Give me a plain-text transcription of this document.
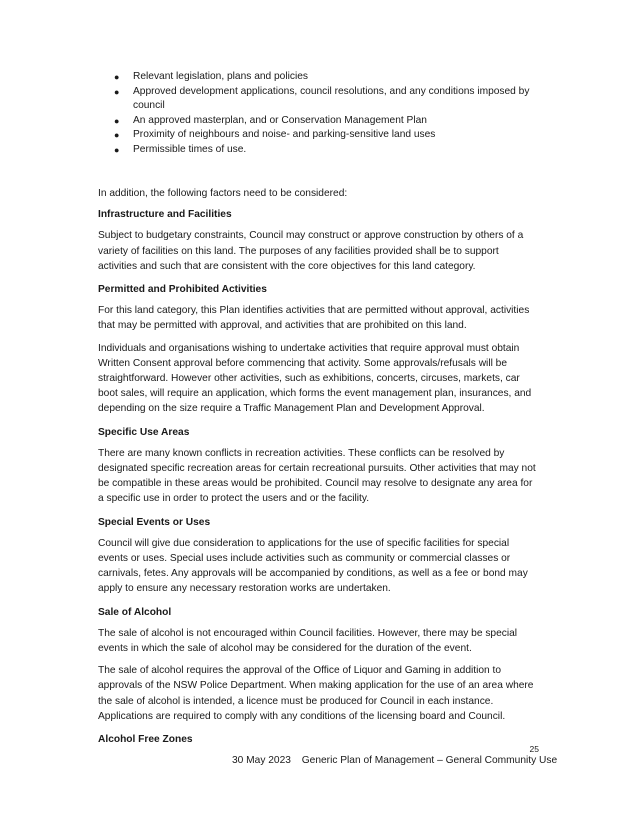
● Relevant legislation, plans and policies
● Approved development applications, council resolutions, and any conditions imposed by council
● An approved masterplan, and or Conservation Management Plan
● Proximity of neighbours and noise- and parking-sensitive land uses
● Permissible times of use.

In addition, the following factors need to be considered:

Infrastructure and Facilities

Subject to budgetary constraints, Council may construct or approve construction by others of a variety of facilities on this land. The purposes of any facilities provided shall be to support activities and such that are consistent with the core objectives for this land category.

Permitted and Prohibited Activities

For this land category, this Plan identifies activities that are permitted without approval, activities that may be permitted with approval, and activities that are prohibited on this land.

Individuals and organisations wishing to undertake activities that require approval must obtain Written Consent approval before commencing that activity. Some approvals/refusals will be straightforward. However other activities, such as exhibitions, concerts, circuses, markets, car boot sales, will require an application, which forms the event management plan, insurances, and depending on the size require a Traffic Management Plan and Development Approval.

Specific Use Areas

There are many known conflicts in recreation activities. These conflicts can be resolved by designated specific recreation areas for certain recreational pursuits. Other activities that may not be compatible in these areas would be prohibited. Council may resolve to designate any area for a specific use in order to protect the users and or the facility.

Special Events or Uses

Council will give due consideration to applications for the use of specific facilities for special events or uses. Special uses include activities such as community or commercial classes or carnivals, fetes. Any approvals will be accompanied by conditions, as well as a fee or bond may apply to ensure any necessary restoration works are undertaken.

Sale of Alcohol

The sale of alcohol is not encouraged within Council facilities. However, there may be special events in which the sale of alcohol may be considered for the duration of the event.

The sale of alcohol requires the approval of the Office of Liquor and Gaming in addition to approvals of the NSW Police Department. When making application for the use of an area where the sale of alcohol is intended, a licence must be produced for Council in each instance. Applications are required to comply with any conditions of the licensing board and Council.

Alcohol Free Zones

25
30 May 2023 Generic Plan of Management – General Community Use
